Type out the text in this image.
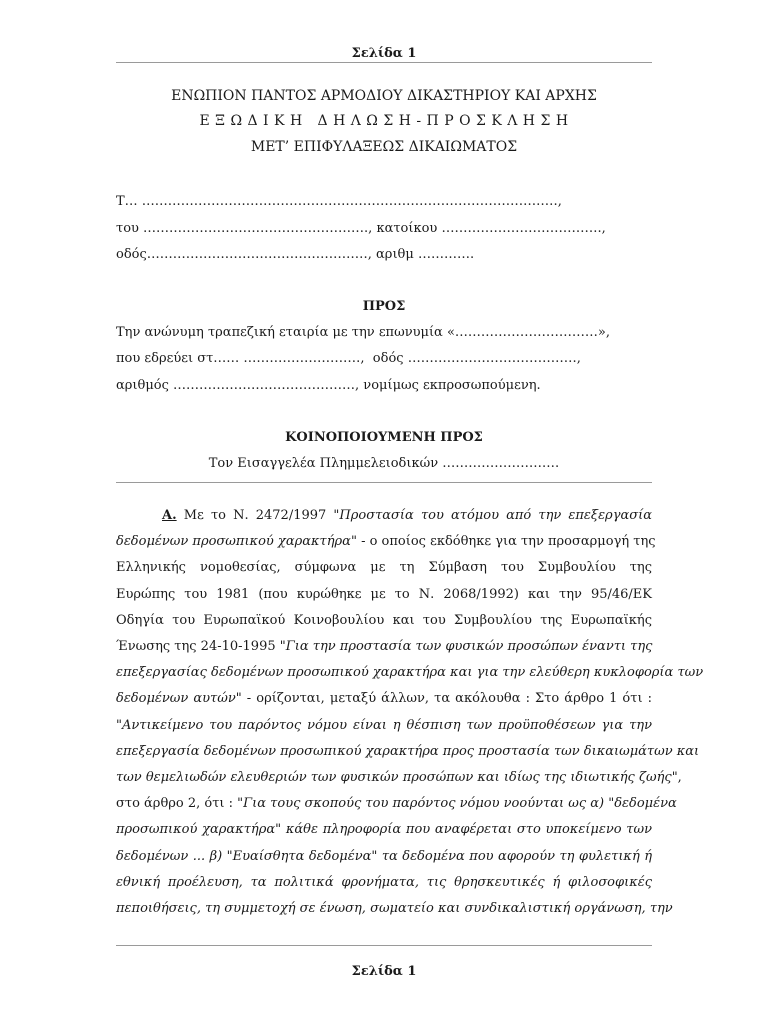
Σελίδα 1
ΕΝΩΠΙΟΝ ΠΑΝΤΟΣ ΑΡΜΟΔΙΟΥ ΔΙΚΑΣΤΗΡΙΟΥ ΚΑΙ ΑΡΧΗΣ
Ε Ξ Ω Δ Ι Κ Η   Δ Η Λ Ω Σ Η - Π Ρ Ο Σ Κ Λ Η Σ Η
ΜΕΤ’ ΕΠΙΦΥΛΑΞΕΩΣ ΔΙΚΑΙΩΜΑΤΟΣ
Τ… ……………………………………………………………………………………,
του ……………………………………………., κατοίκου ……………………………….,
οδός……………………………………………, αριθμ ………….
ΠΡΟΣ
Την ανώνυμη τραπεζική εταιρία με την επωνυμία «……………………………»,
που εδρεύει στ…… ………………………,  οδός …………………………………,
αριθμός ……………………………………, νομίμως εκπροσωπούμενη.
ΚΟΙΝΟΠΟΙΟΥΜΕΝΗ ΠΡΟΣ
Τον Εισαγγελέα Πλημμελειοδικών ………………………
Α. Με το Ν. 2472/1997 "Προστασία του ατόμου από την επεξεργασία
δεδομένων προσωπικού χαρακτήρα" - ο οποίος εκδόθηκε για την προσαρμογή της
Ελληνικής νομοθεσίας, σύμφωνα με τη Σύμβαση του Συμβουλίου της
Ευρώπης του 1981 (που κυρώθηκε με το Ν. 2068/1992) και την 95/46/ΕΚ
Οδηγία του Ευρωπαϊκού Κοινοβουλίου και του Συμβουλίου της Ευρωπαϊκής
Ένωσης της 24-10-1995 "Για την προστασία των φυσικών προσώπων έναντι της
επεξεργασίας δεδομένων προσωπικού χαρακτήρα και για την ελεύθερη κυκλοφορία των
δεδομένων αυτών" - ορίζονται, μεταξύ άλλων, τα ακόλουθα : Στο άρθρο 1 ότι :
"Αντικείμενο του παρόντος νόμου είναι η θέσπιση των προϋποθέσεων για την
επεξεργασία δεδομένων προσωπικού χαρακτήρα προς προστασία των δικαιωμάτων και
των θεμελιωδών ελευθεριών των φυσικών προσώπων και ιδίως της ιδιωτικής ζωής",
στο άρθρο 2, ότι : "Για τους σκοπούς του παρόντος νόμου νοούνται ως α) "δεδομένα
προσωπικού χαρακτήρα" κάθε πληροφορία που αναφέρεται στο υποκείμενο των
δεδομένων ... β) "Ευαίσθητα δεδομένα" τα δεδομένα που αφορούν τη φυλετική ή
εθνική προέλευση, τα πολιτικά φρονήματα, τις θρησκευτικές ή φιλοσοφικές
πεποιθήσεις, τη συμμετοχή σε ένωση, σωματείο και συνδικαλιστική οργάνωση, την
Σελίδα 1
